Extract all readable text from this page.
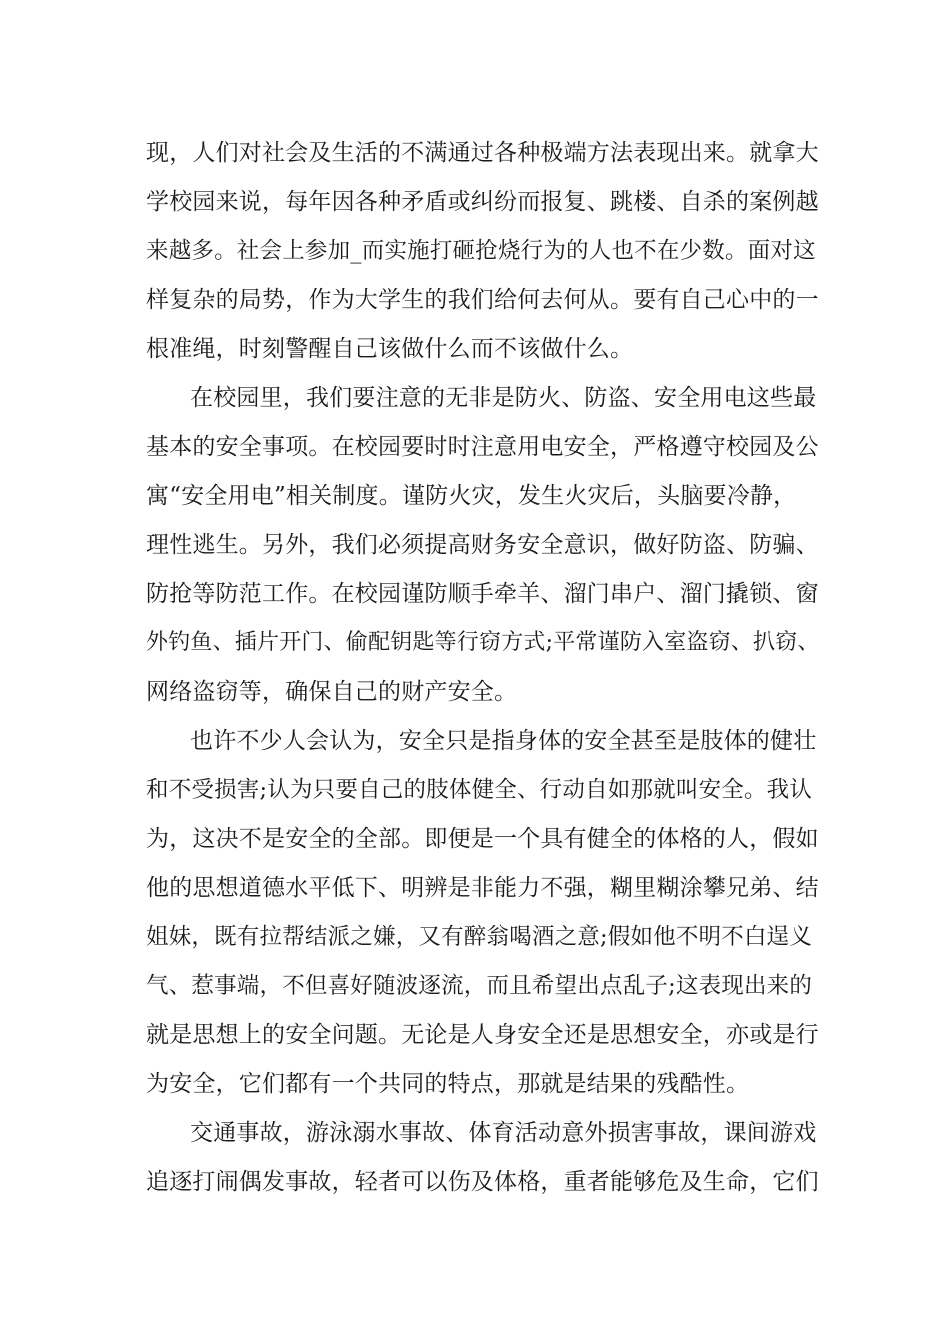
现，人们对社会及生活的不满通过各种极端方法表现出来。就拿大

学校园来说，每年因各种矛盾或纠纷而报复、跳楼、自杀的案例越

来越多。社会上参加_而实施打砸抢烧行为的人也不在少数。面对这

样复杂的局势，作为大学生的我们给何去何从。要有自己心中的一

根准绳，时刻警醒自己该做什么而不该做什么。

在校园里，我们要注意的无非是防火、防盗、安全用电这些最

基本的安全事项。在校园要时时注意用电安全，严格遵守校园及公

寓“安全用电”相关制度。谨防火灾，发生火灾后，头脑要冷静，

理性逃生。另外，我们必须提高财务安全意识，做好防盗、防骗、

防抢等防范工作。在校园谨防顺手牵羊、溜门串户、溜门撬锁、窗

外钓鱼、插片开门、偷配钥匙等行窃方式;平常谨防入室盗窃、扒窃、

网络盗窃等，确保自己的财产安全。

也许不少人会认为，安全只是指身体的安全甚至是肢体的健壮

和不受损害;认为只要自己的肢体健全、行动自如那就叫安全。我认

为，这决不是安全的全部。即便是一个具有健全的体格的人，假如

他的思想道德水平低下、明辨是非能力不强，糊里糊涂攀兄弟、结

姐妹，既有拉帮结派之嫌，又有醉翁喝酒之意;假如他不明不白逞义

气、惹事端，不但喜好随波逐流，而且希望出点乱子;这表现出来的

就是思想上的安全问题。无论是人身安全还是思想安全，亦或是行

为安全，它们都有一个共同的特点，那就是结果的残酷性。

交通事故，游泳溺水事故、体育活动意外损害事故，课间游戏

追逐打闹偶发事故，轻者可以伤及体格，重者能够危及生命，它们
